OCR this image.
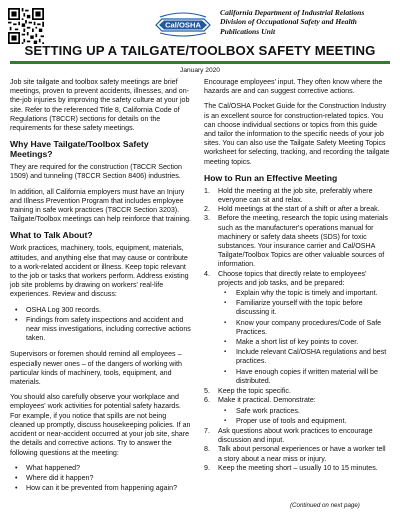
Cal/OSHA
California Department of Industrial Relations
Division of Occupational Safety and Health
Publications Unit
SETTING UP A TAILGATE/TOOLBOX SAFETY MEETING
January 2020

Job site tailgate and toolbox safety meetings are brief meetings, proven to prevent accidents, illnesses, and on-the-job injuries by improving the safety culture at your job site. Refer to the referenced Title 8, California Code of Regulations (T8CCR) sections for details on the requirements for these safety meetings.

Why Have Tailgate/Toolbox Safety Meetings?

They are required for the construction (T8CCR Section 1509) and tunneling (T8CCR Section 8406) industries.

In addition, all California employers must have an Injury and Illness Prevention Program that includes employee training in safe work practices (T8CCR Section 3203). Tailgate/Toolbox meetings can help reinforce that training.

What to Talk About?

Work practices, machinery, tools, equipment, materials, attitudes, and anything else that may cause or contribute to a work-related accident or illness. Keep topic relevant to the job or tasks that workers perform. Address existing job site problems by drawing on workers' real-life experiences. Review and discuss:

• OSHA Log 300 records.
• Findings from safety inspections and accident and near miss investigations, including corrective actions taken.

Supervisors or foremen should remind all employees – especially newer ones – of the dangers of working with particular kinds of machinery, tools, equipment, and materials.

You should also carefully observe your workplace and employees' work activities for potential safety hazards. For example, if you notice that spills are not being cleaned up promptly, discuss housekeeping policies. If an accident or near-accident occurred at your job site, share the details and corrective actions. Try to answer the following questions at the meeting:

• What happened?
• Where did it happen?
• How can it be prevented from happening again?

Encourage employees' input. They often know where the hazards are and can suggest corrective actions.

The Cal/OSHA Pocket Guide for the Construction Industry is an excellent source for construction-related topics. You can choose individual sections or topics from this guide and tailor the information to the specific needs of your job sites. You can also use the Tailgate Safety Meeting Topics worksheet for selecting, tracking, and recording the tailgate meeting topics.

How to Run an Effective Meeting
1. Hold the meeting at the job site, preferably where everyone can sit and relax.
2. Hold meetings at the start of a shift or after a break.
3. Before the meeting, research the topic using materials such as the manufacturer's operations manual for machinery or safety data sheets (SDS) for toxic substances. Your insurance carrier and Cal/OSHA Tailgate/Toolbox Topics are other valuable sources of information.
4. Choose topics that directly relate to employees' projects and job tasks, and be prepared:
▪ Explain why the topic is timely and important.
▪ Familiarize yourself with the topic before discussing it.
▪ Know your company procedures/Code of Safe Practices.
▪ Make a short list of key points to cover.
▪ Include relevant Cal/OSHA regulations and best practices.
▪ Have enough copies if written material will be distributed.
5. Keep the topic specific.
6. Make it practical. Demonstrate:
▪ Safe work practices.
▪ Proper use of tools and equipment.
7. Ask questions about work practices to encourage discussion and input.
8. Talk about personal experiences or have a worker tell a story about a near miss or injury.
9. Keep the meeting short – usually 10 to 15 minutes.
(Continued on next page)
